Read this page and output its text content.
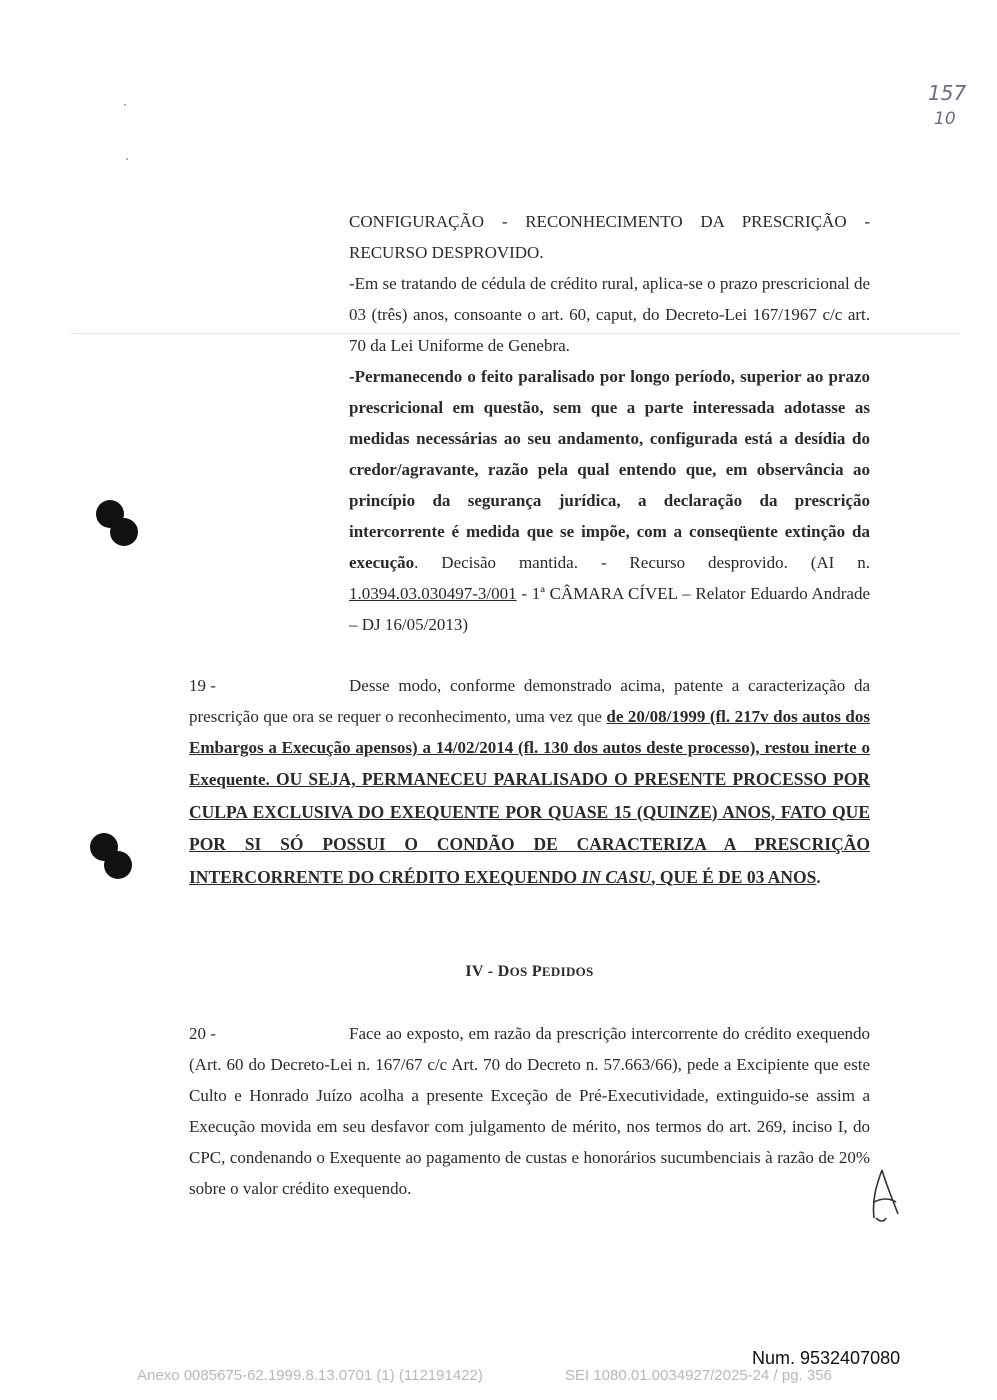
157
10

CONFIGURAÇÃO - RECONHECIMENTO DA PRESCRIÇÃO - RECURSO DESPROVIDO.

-Em se tratando de cédula de crédito rural, aplica-se o prazo prescricional de 03 (três) anos, consoante o art. 60, caput, do Decreto-Lei 167/1967 c/c art. 70 da Lei Uniforme de Genebra.

-Permanecendo o feito paralisado por longo período, superior ao prazo prescricional em questão, sem que a parte interessada adotasse as medidas necessárias ao seu andamento, configurada está a desídia do credor/agravante, razão pela qual entendo que, em observância ao princípio da segurança jurídica, a declaração da prescrição intercorrente é medida que se impõe, com a conseqüente extinção da execução. Decisão mantida. - Recurso desprovido. (AI n. 1.0394.03.030497-3/001 - 1ª CÂMARA CÍVEL – Relator Eduardo Andrade – DJ 16/05/2013)

19 -	Desse modo, conforme demonstrado acima, patente a caracterização da prescrição que ora se requer o reconhecimento, uma vez que de 20/08/1999 (fl. 217v dos autos dos Embargos a Execução apensos) a 14/02/2014 (fl. 130 dos autos deste processo), restou inerte o Exequente. OU SEJA, PERMANECEU PARALISADO O PRESENTE PROCESSO POR CULPA EXCLUSIVA DO EXEQUENTE POR QUASE 15 (QUINZE) ANOS, FATO QUE POR SI SÓ POSSUI O CONDÃO DE CARACTERIZA A PRESCRIÇÃO INTERCORRENTE DO CRÉDITO EXEQUENDO IN CASU, QUE É DE 03 ANOS.

IV - DOS PEDIDOS

20 -	Face ao exposto, em razão da prescrição intercorrente do crédito exequendo (Art. 60 do Decreto-Lei n. 167/67 c/c Art. 70 do Decreto n. 57.663/66), pede a Excipiente que este Culto e Honrado Juízo acolha a presente Exceção de Pré-Executividade, extinguido-se assim a Execução movida em seu desfavor com julgamento de mérito, nos termos do art. 269, inciso I, do CPC, condenando o Exequente ao pagamento de custas e honorários sucumbenciais à razão de 20% sobre o valor crédito exequendo.

Num. 9532407080
Anexo 0085675-62.1999.8.13.0701 (1) (112191422)	SEI 1080.01.0034927/2025-24 / pg. 356
